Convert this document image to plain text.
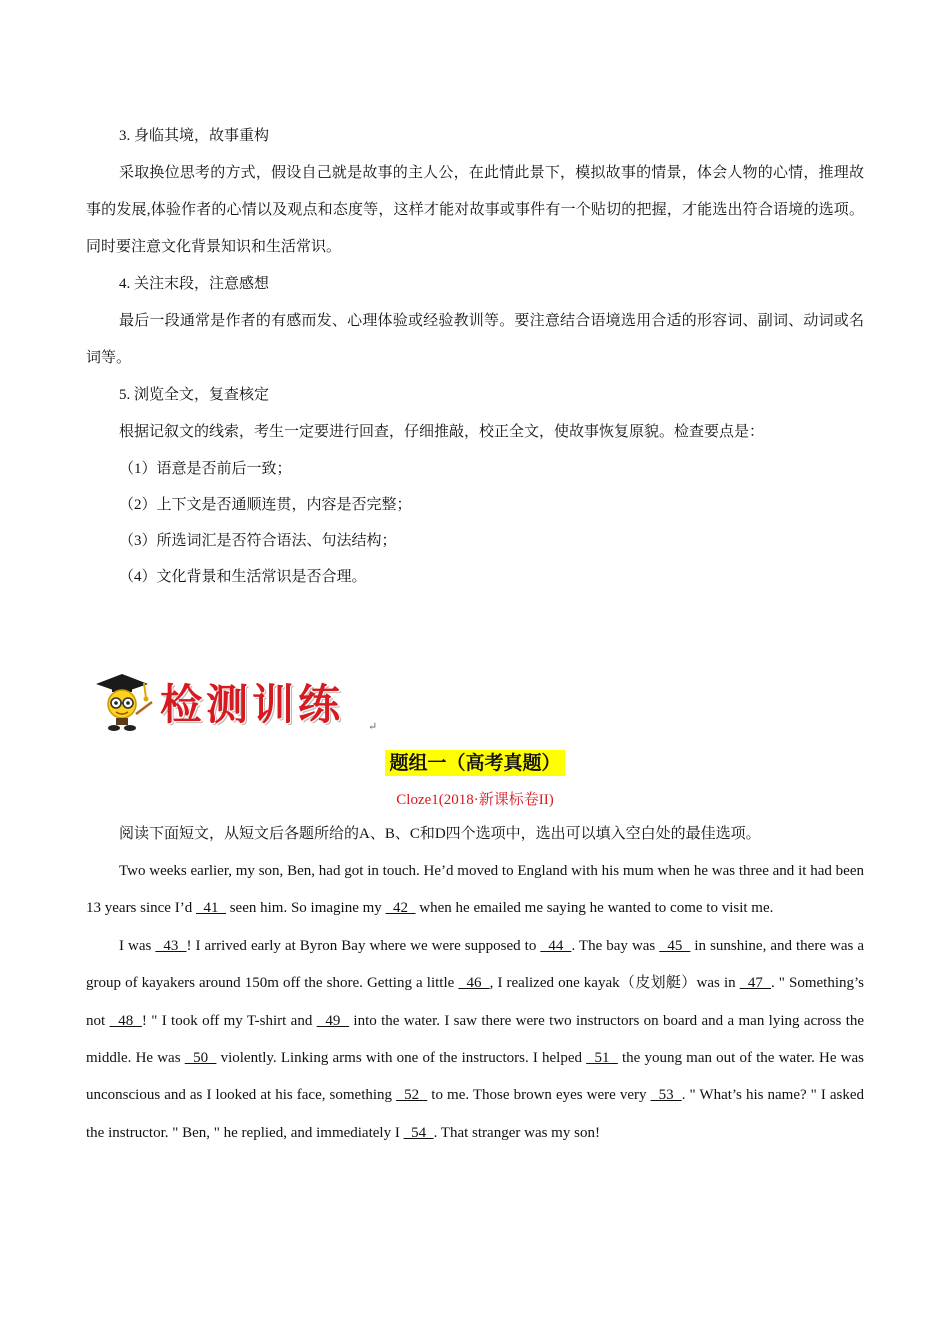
3. 身临其境，故事重构

采取换位思考的方式，假设自己就是故事的主人公，在此情此景下，模拟故事的情景，体会人物的心情，推理故事的发展,体验作者的心情以及观点和态度等，这样才能对故事或事件有一个贴切的把握，才能选出符合语境的选项。同时要注意文化背景知识和生活常识。

4. 关注末段，注意感想

最后一段通常是作者的有感而发、心理体验或经验教训等。要注意结合语境选用合适的形容词、副词、动词或名词等。

5. 浏览全文，复查核定

根据记叙文的线索，考生一定要进行回查，仔细推敲，校正全文，使故事恢复原貌。检查要点是：

（1）语意是否前后一致；

（2）上下文是否通顺连贯，内容是否完整；

（3）所选词汇是否符合语法、句法结构；

（4）文化背景和生活常识是否合理。

检测训练 ↵
题组一（高考真题）
Cloze1(2018·新课标卷II)

阅读下面短文，从短文后各题所给的A、B、C和D四个选项中，选出可以填入空白处的最佳选项。

Two weeks earlier, my son, Ben, had got in touch. He’d moved to England with his mum when he was three and it had been 13 years since I’d   41   seen him. So imagine my   42   when he emailed me saying he wanted to come to visit me.

I was   43  ! I arrived early at Byron Bay where we were supposed to   44  . The bay was   45   in sunshine, and there was a group of kayakers around 150m off the shore. Getting a little   46  , I realized one kayak（皮划艇）was in   47  . " Something’s not   48  ! " I took off my T-shirt and   49   into the water. I saw there were two instructors on board and a man lying across the middle. He was   50   violently. Linking arms with one of the instructors. I helped   51   the young man out of the water. He was unconscious and as I looked at his face, something   52   to me. Those brown eyes were very   53  . " What’s his name? " I asked the instructor. " Ben, " he replied, and immediately I   54  . That stranger was my son!
